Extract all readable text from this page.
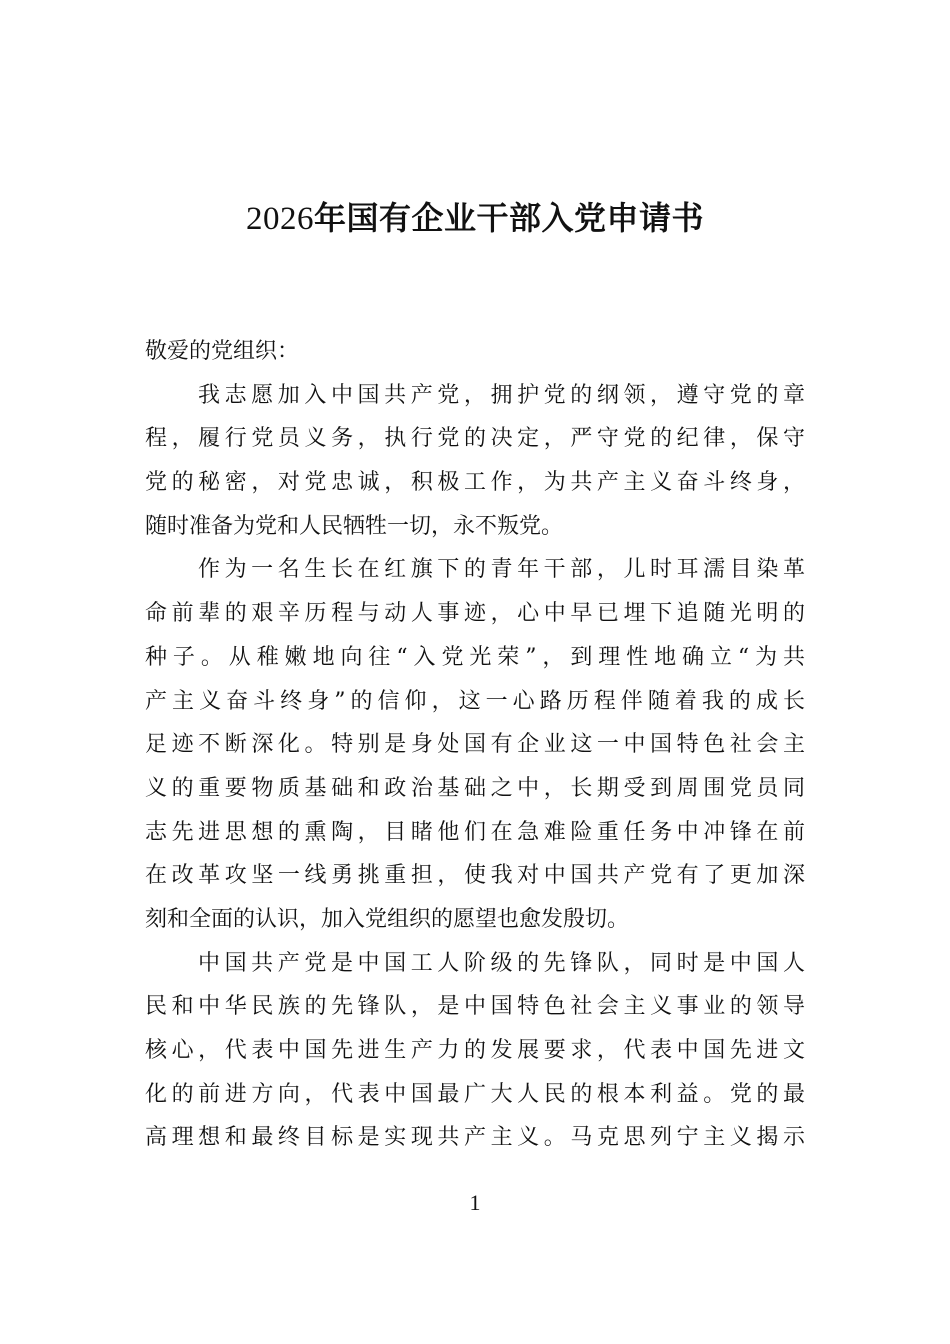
2026年国有企业干部入党申请书
敬爱的党组织：
我志愿加入中国共产党，拥护党的纲领，遵守党的章
程，履行党员义务，执行党的决定，严守党的纪律，保守
党的秘密，对党忠诚，积极工作，为共产主义奋斗终身，
随时准备为党和人民牺牲一切，永不叛党。
作为一名生长在红旗下的青年干部，儿时耳濡目染革
命前辈的艰辛历程与动人事迹，心中早已埋下追随光明的
种子。从稚嫩地向往“入党光荣”，到理性地确立“为共
产主义奋斗终身”的信仰，这一心路历程伴随着我的成长
足迹不断深化。特别是身处国有企业这一中国特色社会主
义的重要物质基础和政治基础之中，长期受到周围党员同
志先进思想的熏陶，目睹他们在急难险重任务中冲锋在前
在改革攻坚一线勇挑重担，使我对中国共产党有了更加深
刻和全面的认识，加入党组织的愿望也愈发殷切。
中国共产党是中国工人阶级的先锋队，同时是中国人
民和中华民族的先锋队，是中国特色社会主义事业的领导
核心，代表中国先进生产力的发展要求，代表中国先进文
化的前进方向，代表中国最广大人民的根本利益。党的最
高理想和最终目标是实现共产主义。马克思列宁主义揭示
1
